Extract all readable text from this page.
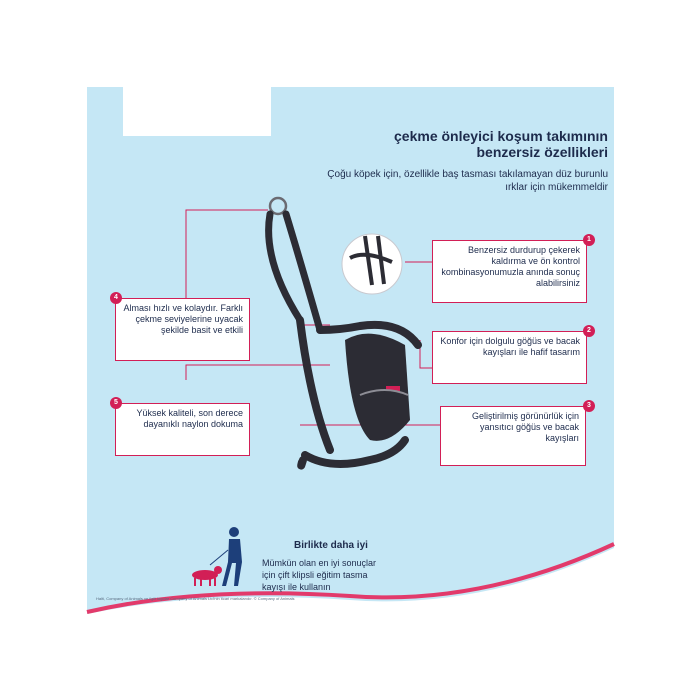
çekme önleyici koşum takımının benzersiz özellikleri
Çoğu köpek için, özellikle baş tasması takılamayan düz burunlu ırklar için mükemmeldir
Benzersiz durdurup çekerek kaldırma ve ön kontrol kombinasyonumuzla anında sonuç alabilirsiniz
1
Konfor için dolgulu göğüs ve bacak kayışları ile hafif tasarım
2
Geliştirilmiş görünürlük için yansıtıcı göğüs ve bacak kayışları
3
Alması hızlı ve kolaydır. Farklı çekme seviyelerine uyacak şekilde basit ve etkili
4
Yüksek kaliteli, son derece dayanıklı naylon dokuma
5
Birlikte daha iyi
Mümkün olan en iyi sonuçlar için çift klipsli eğitim tasma kayışı ile kullanın
Halti, Company of Animals ve ilgili logolar Company of Animals Ltd'nin ticari markalarıdır. © Company of Animals
